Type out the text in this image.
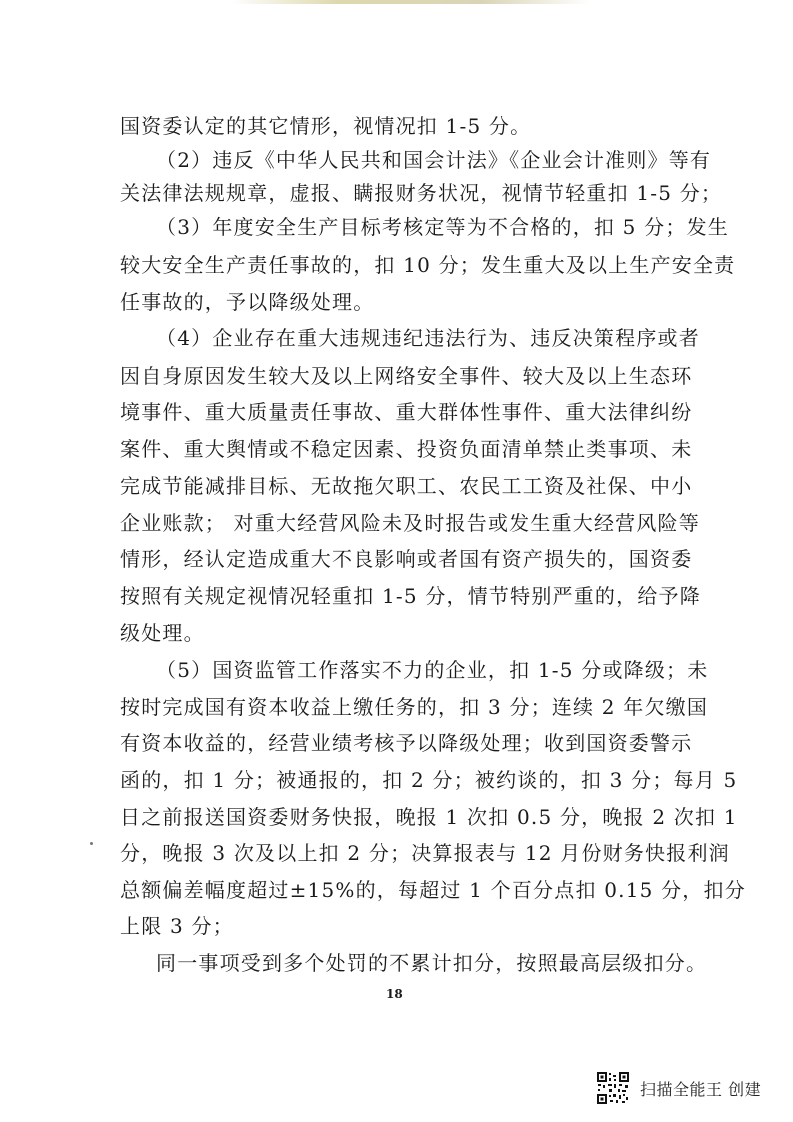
国资委认定的其它情形，视情况扣 1-5 分。
（2）违反《中华人民共和国会计法》《企业会计准则》等有
关法律法规规章，虚报、瞒报财务状况，视情节轻重扣 1-5 分；
（3）年度安全生产目标考核定等为不合格的，扣 5 分；发生
较大安全生产责任事故的，扣 10 分；发生重大及以上生产安全责
任事故的，予以降级处理。
（4）企业存在重大违规违纪违法行为、违反决策程序或者
因自身原因发生较大及以上网络安全事件、较大及以上生态环
境事件、重大质量责任事故、重大群体性事件、重大法律纠纷
案件、重大舆情或不稳定因素、投资负面清单禁止类事项、未
完成节能减排目标、无故拖欠职工、农民工工资及社保、中小
企业账款； 对重大经营风险未及时报告或发生重大经营风险等
情形，经认定造成重大不良影响或者国有资产损失的，国资委
按照有关规定视情况轻重扣 1-5 分，情节特别严重的，给予降
级处理。
（5）国资监管工作落实不力的企业，扣 1-5 分或降级；未
按时完成国有资本收益上缴任务的，扣 3 分；连续 2 年欠缴国
有资本收益的，经营业绩考核予以降级处理；收到国资委警示
函的，扣 1 分；被通报的，扣 2 分；被约谈的，扣 3 分；每月 5
日之前报送国资委财务快报，晚报 1 次扣 0.5 分，晚报 2 次扣 1
分，晚报 3 次及以上扣 2 分；决算报表与 12 月份财务快报利润
总额偏差幅度超过±15%的，每超过 1 个百分点扣 0.15 分，扣分
上限 3 分；
同一事项受到多个处罚的不累计扣分，按照最高层级扣分。
18
扫描全能王 创建
